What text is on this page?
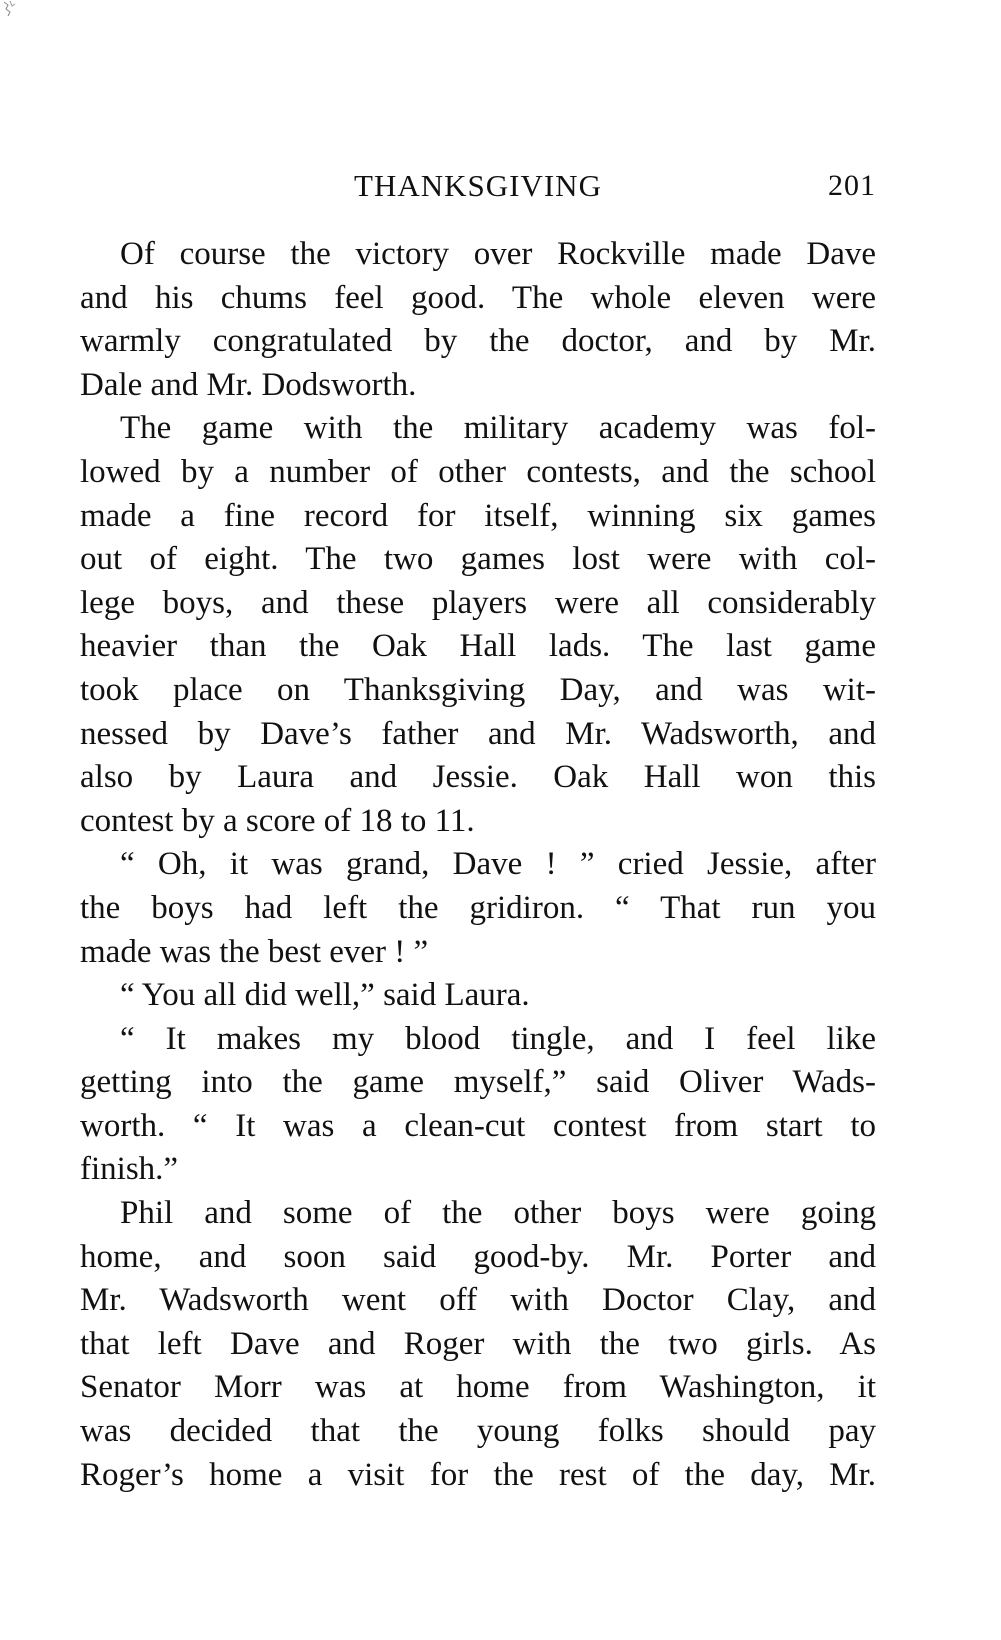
THANKSGIVING	201
Of course the victory over Rockville made Dave
and his chums feel good. The whole eleven were
warmly congratulated by the doctor, and by Mr.
Dale and Mr. Dodsworth.
The game with the military academy was fol-
lowed by a number of other contests, and the school
made a fine record for itself, winning six games
out of eight. The two games lost were with col-
lege boys, and these players were all considerably
heavier than the Oak Hall lads. The last game
took place on Thanksgiving Day, and was wit-
nessed by Dave’s father and Mr. Wadsworth, and
also by Laura and Jessie. Oak Hall won this
contest by a score of 18 to 11.
“ Oh, it was grand, Dave ! ” cried Jessie, after
the boys had left the gridiron. “ That run you
made was the best ever ! ”
“ You all did well,” said Laura.
“ It makes my blood tingle, and I feel like
getting into the game myself,” said Oliver Wads-
worth. “ It was a clean-cut contest from start to
finish.”
Phil and some of the other boys were going
home, and soon said good-by. Mr. Porter and
Mr. Wadsworth went off with Doctor Clay, and
that left Dave and Roger with the two girls. As
Senator Morr was at home from Washington, it
was decided that the young folks should pay
Roger’s home a visit for the rest of the day, Mr.
